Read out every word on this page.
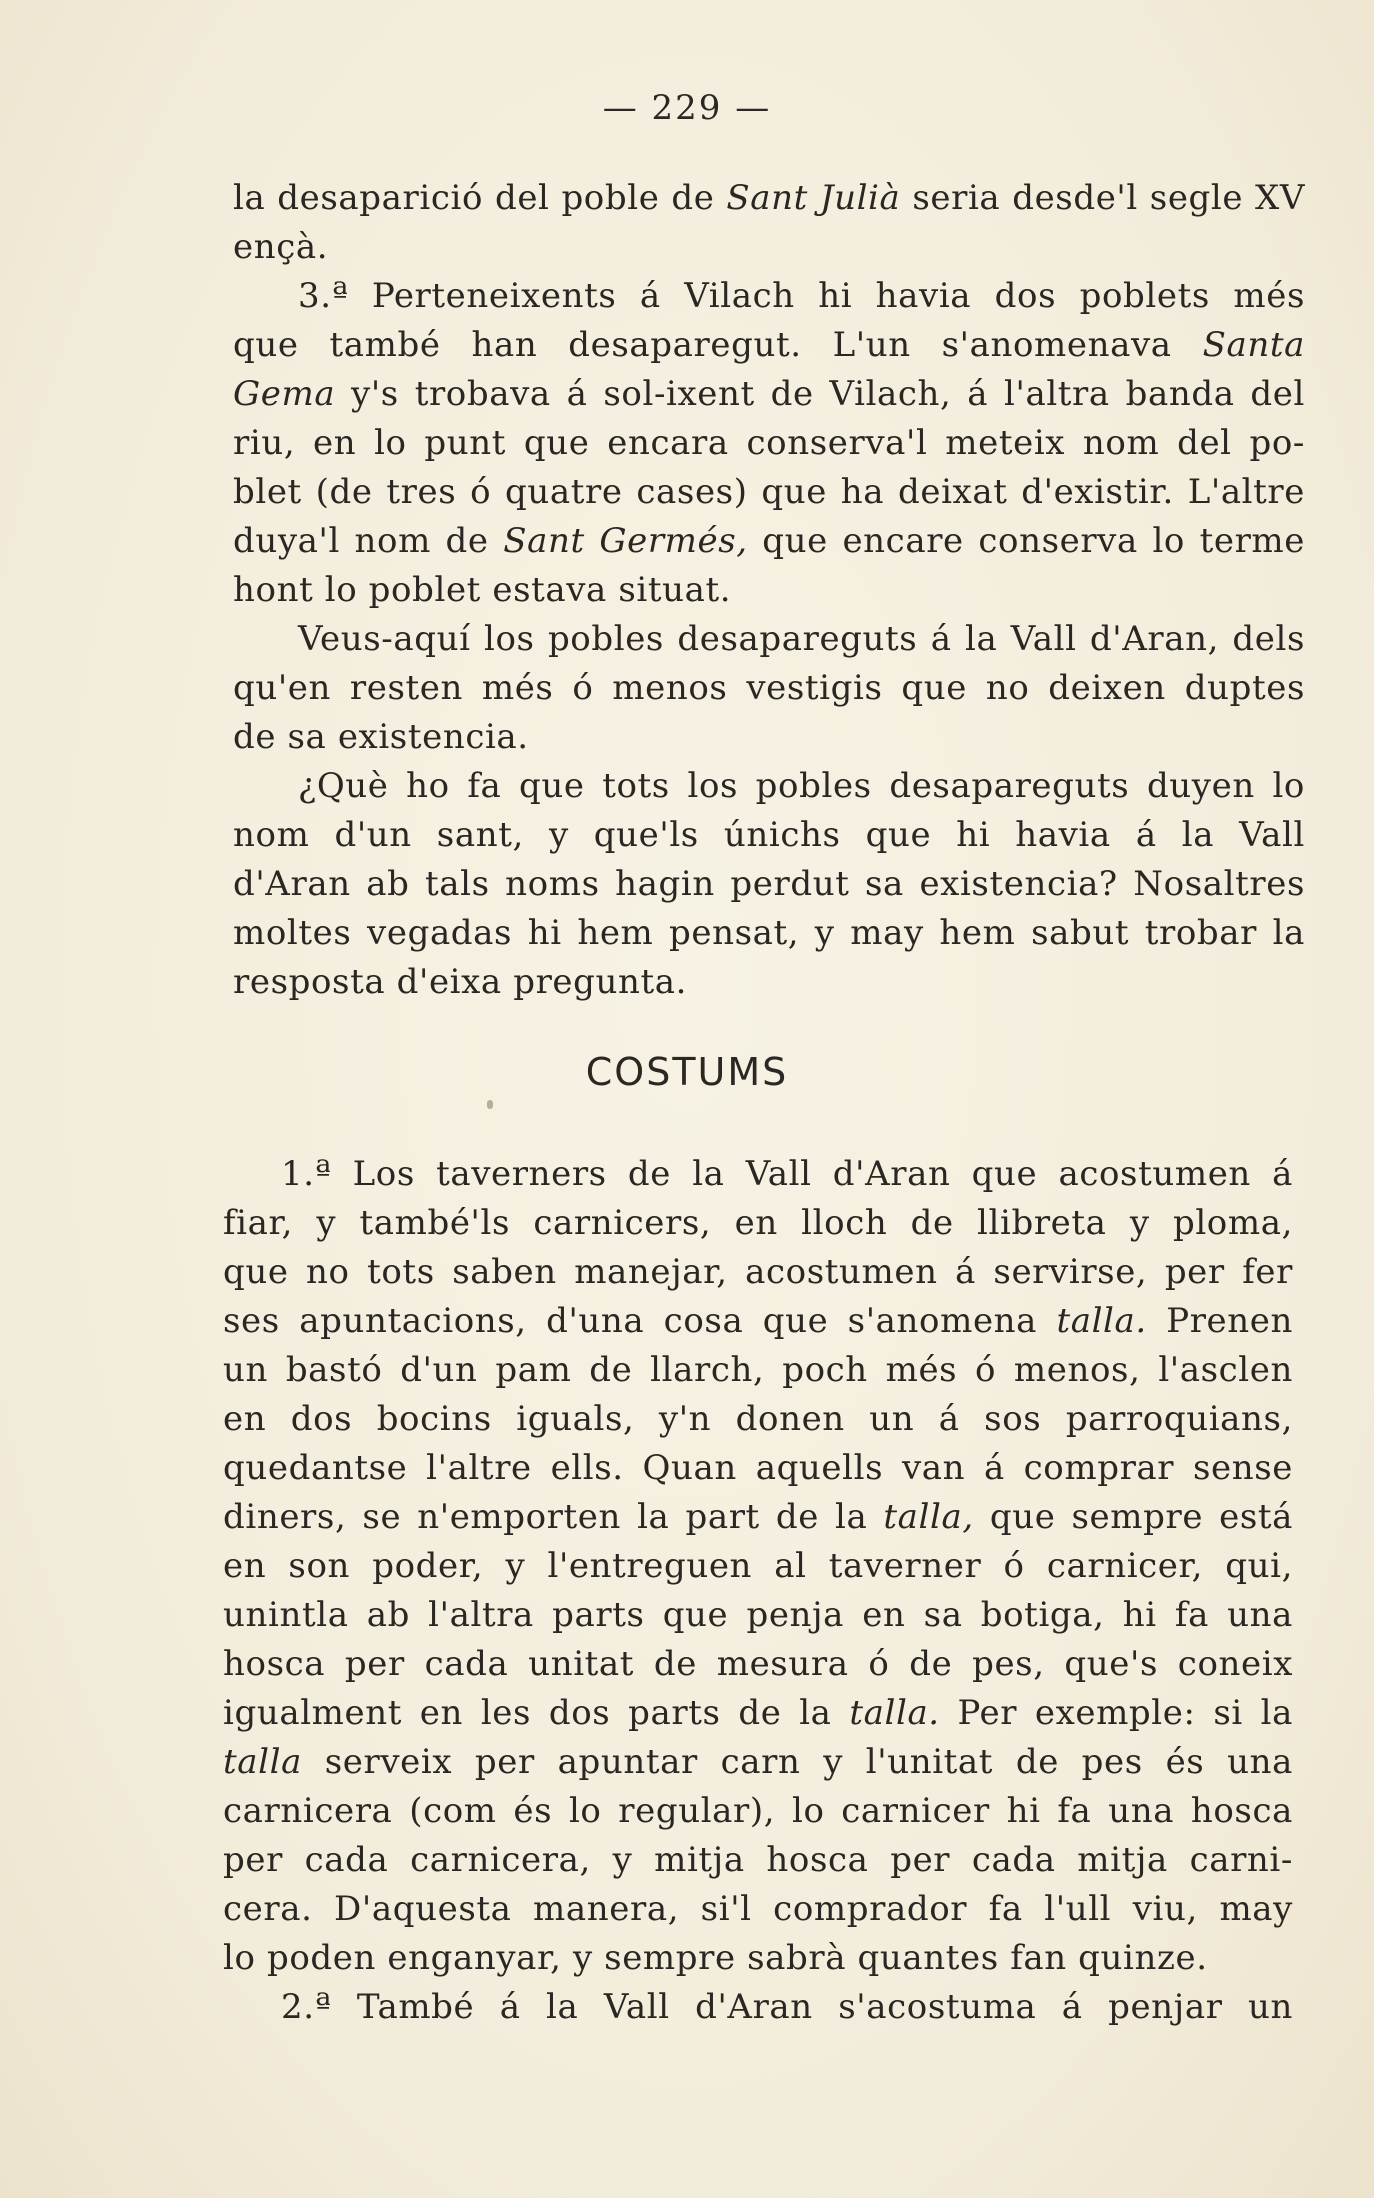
— 229 —
la desaparició del poble de Sant Julià seria desde'l segle XV
ençà.
3.ª Perteneixents á Vilach hi havia dos poblets més
que també han desaparegut. L'un s'anomenava Santa
Gema y's trobava á sol-ixent de Vilach, á l'altra banda del
riu, en lo punt que encara conserva'l meteix nom del po-
blet (de tres ó quatre cases) que ha deixat d'existir. L'altre
duya'l nom de Sant Germés, que encare conserva lo terme
hont lo poblet estava situat.
Veus-aquí los pobles desapareguts á la Vall d'Aran, dels
qu'en resten més ó menos vestigis que no deixen duptes
de sa existencia.
¿Què ho fa que tots los pobles desapareguts duyen lo
nom d'un sant, y que'ls únichs que hi havia á la Vall
d'Aran ab tals noms hagin perdut sa existencia? Nosaltres
moltes vegadas hi hem pensat, y may hem sabut trobar la
resposta d'eixa pregunta.
COSTUMS
1.ª Los taverners de la Vall d'Aran que acostumen á
fiar, y també'ls carnicers, en lloch de llibreta y ploma,
que no tots saben manejar, acostumen á servirse, per fer
ses apuntacions, d'una cosa que s'anomena talla. Prenen
un bastó d'un pam de llarch, poch més ó menos, l'asclen
en dos bocins iguals, y'n donen un á sos parroquians,
quedantse l'altre ells. Quan aquells van á comprar sense
diners, se n'emporten la part de la talla, que sempre está
en son poder, y l'entreguen al taverner ó carnicer, qui,
unintla ab l'altra parts que penja en sa botiga, hi fa una
hosca per cada unitat de mesura ó de pes, que's coneix
igualment en les dos parts de la talla. Per exemple: si la
talla serveix per apuntar carn y l'unitat de pes és una
carnicera (com és lo regular), lo carnicer hi fa una hosca
per cada carnicera, y mitja hosca per cada mitja carni-
cera. D'aquesta manera, si'l comprador fa l'ull viu, may
lo poden enganyar, y sempre sabrà quantes fan quinze.
2.ª També á la Vall d'Aran s'acostuma á penjar un
